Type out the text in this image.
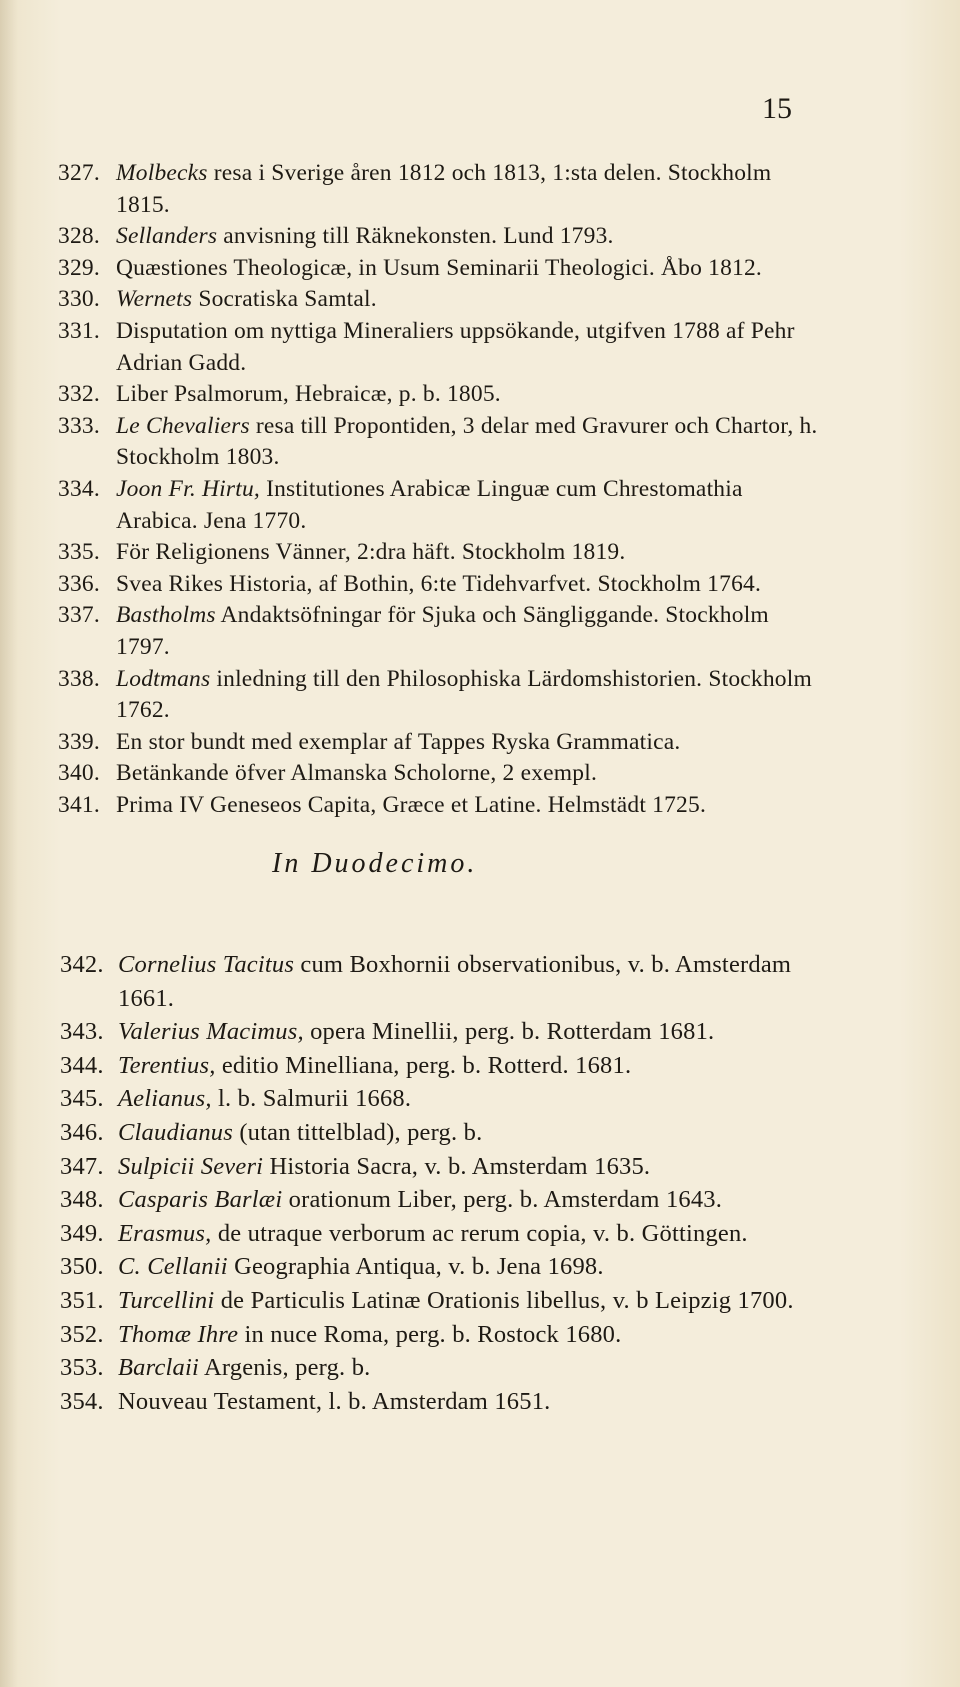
15
327. Molbecks resa i Sverige åren 1812 och 1813, 1:sta delen. Stockholm 1815.
328. Sellanders anvisning till Räknekonsten. Lund 1793.
329. Quæstiones Theologicæ, in Usum Seminarii Theologici. Åbo 1812.
330. Wernets Socratiska Samtal.
331. Disputation om nyttiga Mineraliers uppsökande, utgifven 1788 af Pehr Adrian Gadd.
332. Liber Psalmorum, Hebraicæ, p. b. 1805.
333. Le Chevaliers resa till Propontiden, 3 delar med Gravurer och Chartor, h. Stockholm 1803.
334. Joon Fr. Hirtu, Institutiones Arabicæ Linguæ cum Chrestomathia Arabica. Jena 1770.
335. För Religionens Vänner, 2:dra häft. Stockholm 1819.
336. Svea Rikes Historia, af Bothin, 6:te Tidehvarfvet. Stockholm 1764.
337. Bastholms Andaktsöfningar för Sjuka och Sängliggande. Stockholm 1797.
338. Lodtmans inledning till den Philosophiska Lärdomshistorien. Stockholm 1762.
339. En stor bundt med exemplar af Tappes Ryska Grammatica.
340. Betänkande öfver Almanska Scholorne, 2 exempl.
341. Prima IV Geneseos Capita, Græce et Latine. Helmstädt 1725.
In Duodecimo.
342. Cornelius Tacitus cum Boxhornii observationibus, v. b. Amsterdam 1661.
343. Valerius Macimus, opera Minellii, perg. b. Rotterdam 1681.
344. Terentius, editio Minelliana, perg. b. Rotterd. 1681.
345. Aelianus, l. b. Salmurii 1668.
346. Claudianus (utan tittelblad), perg. b.
347. Sulpicii Severi Historia Sacra, v. b. Amsterdam 1635.
348. Casparis Barlæi orationum Liber, perg. b. Amsterdam 1643.
349. Erasmus, de utraque verborum ac rerum copia, v. b. Göttingen.
350. C. Cellanii Geographia Antiqua, v. b. Jena 1698.
351. Turcellini de Particulis Latinæ Orationis libellus, v. b Leipzig 1700.
352. Thomæ Ihre in nuce Roma, perg. b. Rostock 1680.
353. Barclaii Argenis, perg. b.
354. Nouveau Testament, l. b. Amsterdam 1651.
